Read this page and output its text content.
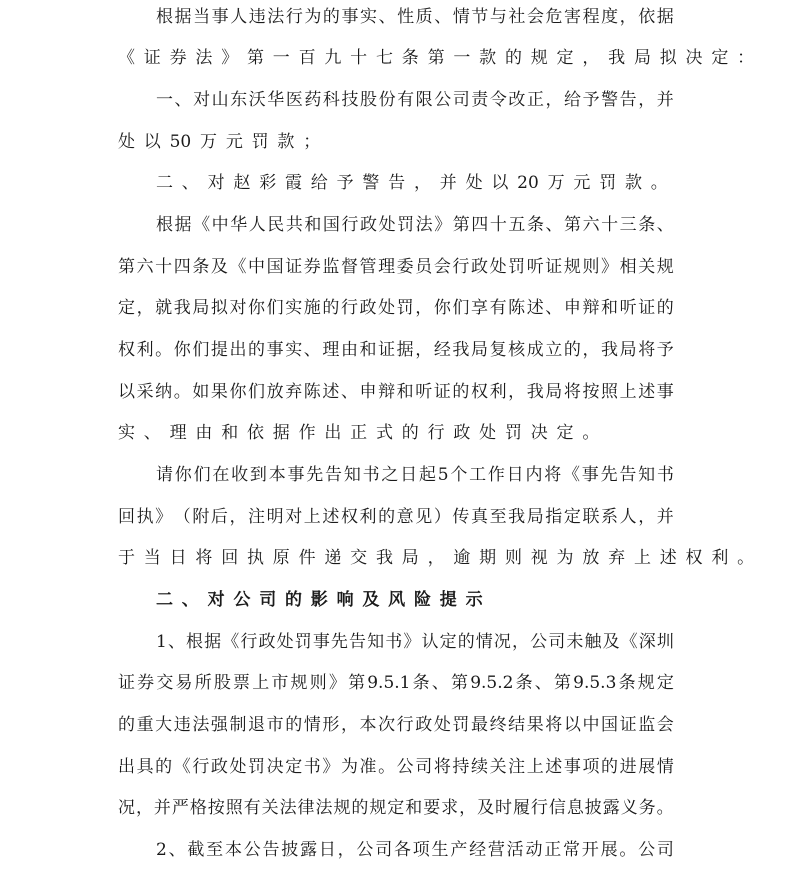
根 据 当 事 人 违 法 行 为 的 事 实 、 性 质 、 情 节 与 社 会 危 害 程 度 ， 依 据
《 证 券 法 》 第 一 百 九 十 七 条 第 一 款 的 规 定 ， 我 局 拟 决 定 ：
一 、 对 山 东 沃 华 医 药 科 技 股 份 有 限 公 司 责 令 改 正 ， 给 予 警 告 ， 并
处 以 50 万 元 罚 款 ；
二 、 对 赵 彩 霞 给 予 警 告 ， 并 处 以 20 万 元 罚 款 。
根 据 《 中 华 人 民 共 和 国 行 政 处 罚 法 》 第 四 十 五 条 、 第 六 十 三 条 、
第 六 十 四 条 及 《 中 国 证 券 监 督 管 理 委 员 会 行 政 处 罚 听 证 规 则 》 相 关 规
定 ， 就 我 局 拟 对 你 们 实 施 的 行 政 处 罚 ， 你 们 享 有 陈 述 、 申 辩 和 听 证 的
权 利 。 你 们 提 出 的 事 实 、 理 由 和 证 据 ， 经 我 局 复 核 成 立 的 ， 我 局 将 予
以 采 纳 。 如 果 你 们 放 弃 陈 述 、 申 辩 和 听 证 的 权 利 ， 我 局 将 按 照 上 述 事
实 、 理 由 和 依 据 作 出 正 式 的 行 政 处 罚 决 定 。
请 你 们 在 收 到 本 事 先 告 知 书 之 日 起 5 个 工 作 日 内 将 《 事 先 告 知 书
回 执 》 （ 附 后 ， 注 明 对 上 述 权 利 的 意 见 ） 传 真 至 我 局 指 定 联 系 人 ， 并
于 当 日 将 回 执 原 件 递 交 我 局 ， 逾 期 则 视 为 放 弃 上 述 权 利 。
二 、 对 公 司 的 影 响 及 风 险 提 示
1 、 根 据 《 行 政 处 罚 事 先 告 知 书 》 认 定 的 情 况 ， 公 司 未 触 及 《 深 圳
证 券 交 易 所 股 票 上 市 规 则 》 第 9.5.1 条 、 第 9.5.2 条 、 第 9.5.3 条 规 定
的 重 大 违 法 强 制 退 市 的 情 形 ， 本 次 行 政 处 罚 最 终 结 果 将 以 中 国 证 监 会
出 具 的 《 行 政 处 罚 决 定 书 》 为 准 。 公 司 将 持 续 关 注 上 述 事 项 的 进 展 情
况 ， 并 严 格 按 照 有 关 法 律 法 规 的 规 定 和 要 求 ， 及 时 履 行 信 息 披 露 义 务 。
2 、 截 至 本 公 告 披 露 日 ， 公 司 各 项 生 产 经 营 活 动 正 常 开 展 。 公 司
